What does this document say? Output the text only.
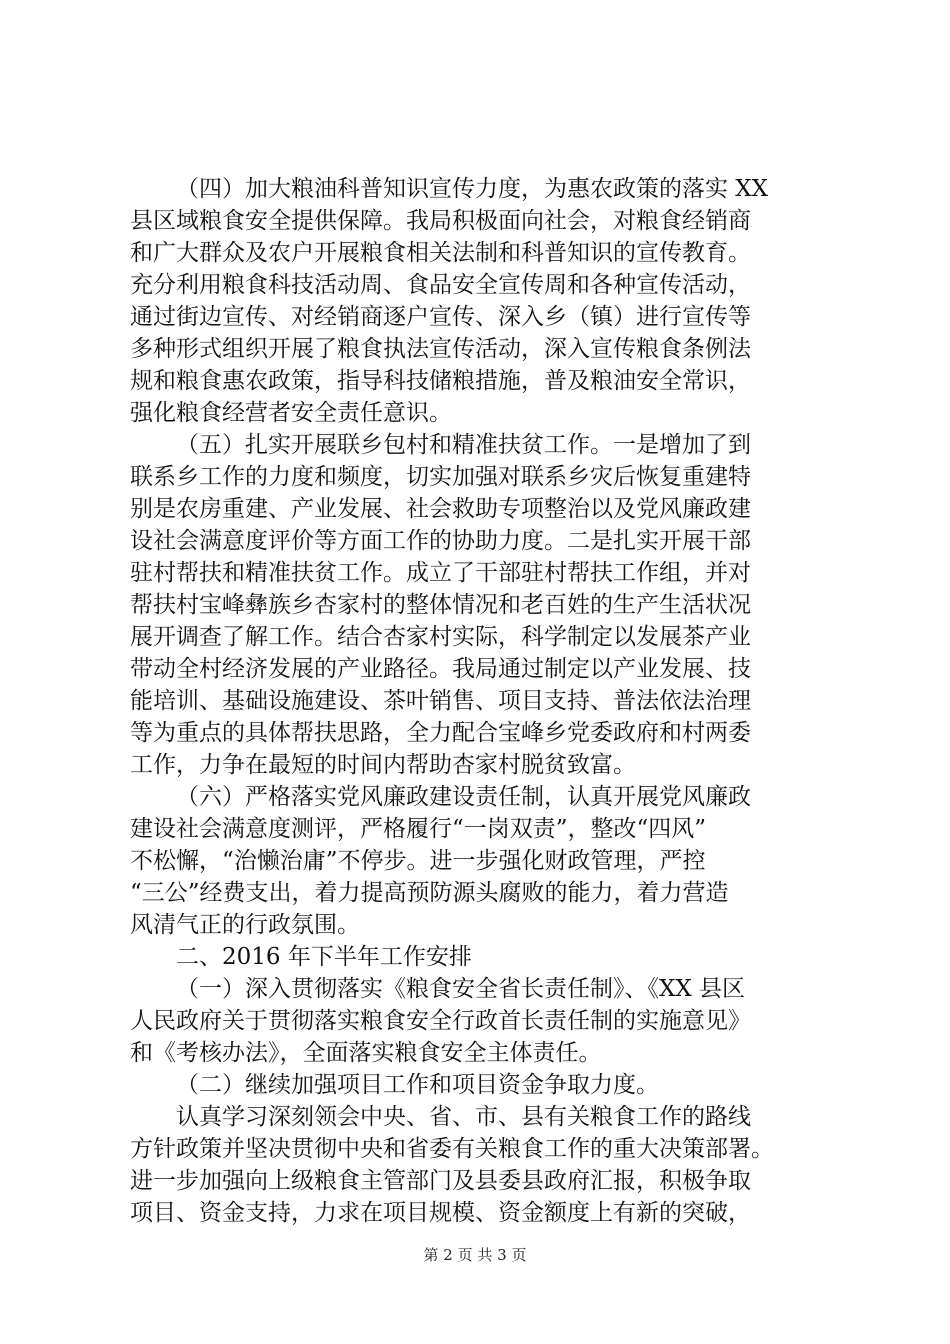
（四）加大粮油科普知识宣传力度，为惠农政策的落实 XX
县区域粮食安全提供保障。我局积极面向社会，对粮食经销商
和广大群众及农户开展粮食相关法制和科普知识的宣传教育。
充分利用粮食科技活动周、食品安全宣传周和各种宣传活动，
通过街边宣传、对经销商逐户宣传、深入乡（镇）进行宣传等
多种形式组织开展了粮食执法宣传活动，深入宣传粮食条例法
规和粮食惠农政策，指导科技储粮措施，普及粮油安全常识，
强化粮食经营者安全责任意识。
（五）扎实开展联乡包村和精准扶贫工作。一是增加了到
联系乡工作的力度和频度，切实加强对联系乡灾后恢复重建特
别是农房重建、产业发展、社会救助专项整治以及党风廉政建
设社会满意度评价等方面工作的协助力度。二是扎实开展干部
驻村帮扶和精准扶贫工作。成立了干部驻村帮扶工作组，并对
帮扶村宝峰彝族乡杏家村的整体情况和老百姓的生产生活状况
展开调查了解工作。结合杏家村实际，科学制定以发展茶产业
带动全村经济发展的产业路径。我局通过制定以产业发展、技
能培训、基础设施建设、茶叶销售、项目支持、普法依法治理
等为重点的具体帮扶思路，全力配合宝峰乡党委政府和村两委
工作，力争在最短的时间内帮助杏家村脱贫致富。
（六）严格落实党风廉政建设责任制，认真开展党风廉政
建设社会满意度测评，严格履行“一岗双责”，整改“四风”
不松懈，“治懒治庸”不停步。进一步强化财政管理，严控
“三公”经费支出，着力提高预防源头腐败的能力，着力营造
风清气正的行政氛围。
二、2016 年下半年工作安排
（一）深入贯彻落实《粮食安全省长责任制》、《XX 县区
人民政府关于贯彻落实粮食安全行政首长责任制的实施意见》
和《考核办法》，全面落实粮食安全主体责任。
（二）继续加强项目工作和项目资金争取力度。
认真学习深刻领会中央、省、市、县有关粮食工作的路线
方针政策并坚决贯彻中央和省委有关粮食工作的重大决策部署。
进一步加强向上级粮食主管部门及县委县政府汇报，积极争取
项目、资金支持，力求在项目规模、资金额度上有新的突破，
第 2 页 共 3 页
